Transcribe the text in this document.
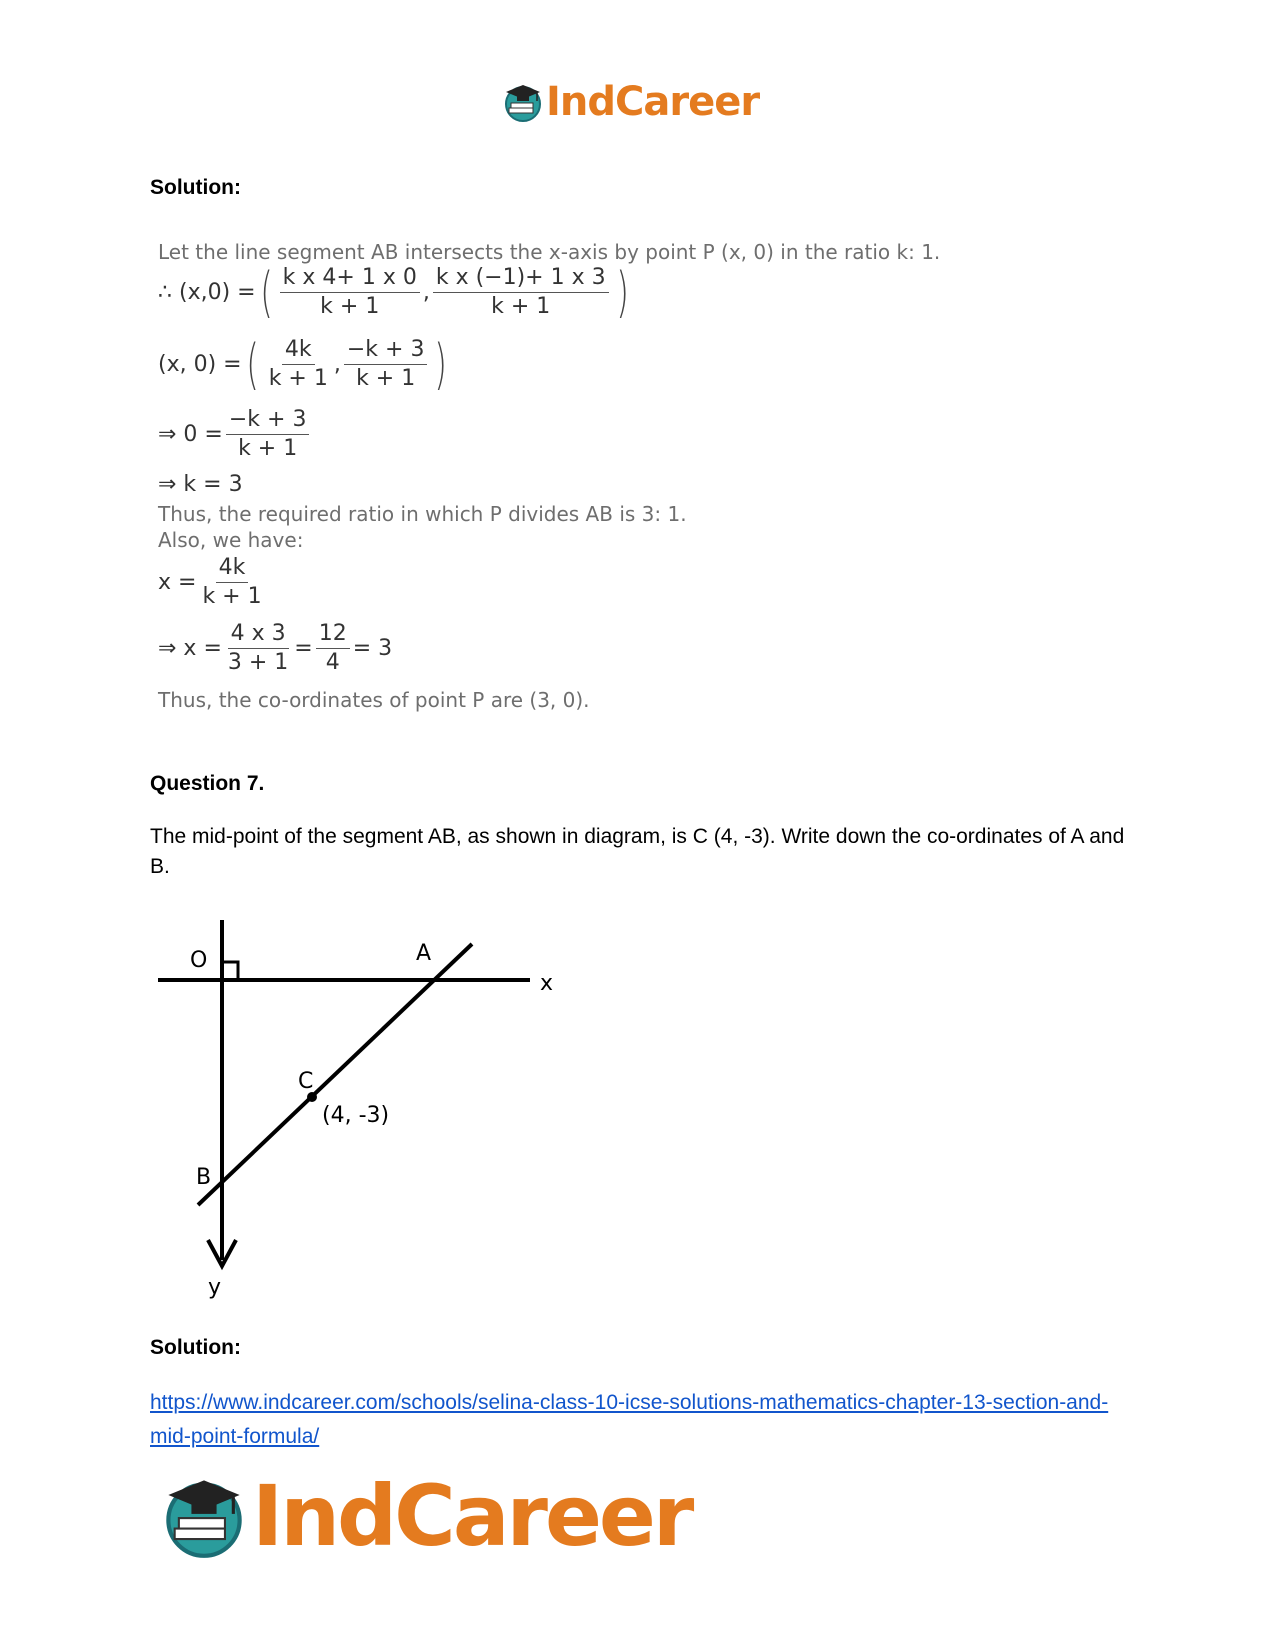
IndCareer
Solution:
Let the line segment AB intersects the x-axis by point P (x, 0) in the ratio k: 1.
∴ (x,0) = ( $\frac{\text{k x 4+ 1 x 0}}{k + 1}$ , $\frac{\text{k x (−1)+ 1 x 3}}{k + 1}$ )
(x, 0) = ( $\frac{4k}{k + 1}$ , $\frac{-k + 3}{k + 1}$ )
⇒ $0 = \frac{-k + 3}{k + 1}$
⇒ k = 3
Thus, the required ratio in which P divides AB is 3: 1.
Also, we have:
$x = \frac{4k}{k + 1}$
⇒ $x = \frac{4 x 3}{3 + 1} = \frac{12}{4} = 3$
Thus, the co-ordinates of point P are (3, 0).
Question 7.
The mid-point of the segment AB, as shown in diagram, is C (4, -3). Write down the co-ordinates of A and B.
O	A
x
C
(4, -3)
B
y
Solution:
https://www.indcareer.com/schools/selina-class-10-icse-solutions-mathematics-chapter-13-section-and-mid-point-formula/
IndCareer
